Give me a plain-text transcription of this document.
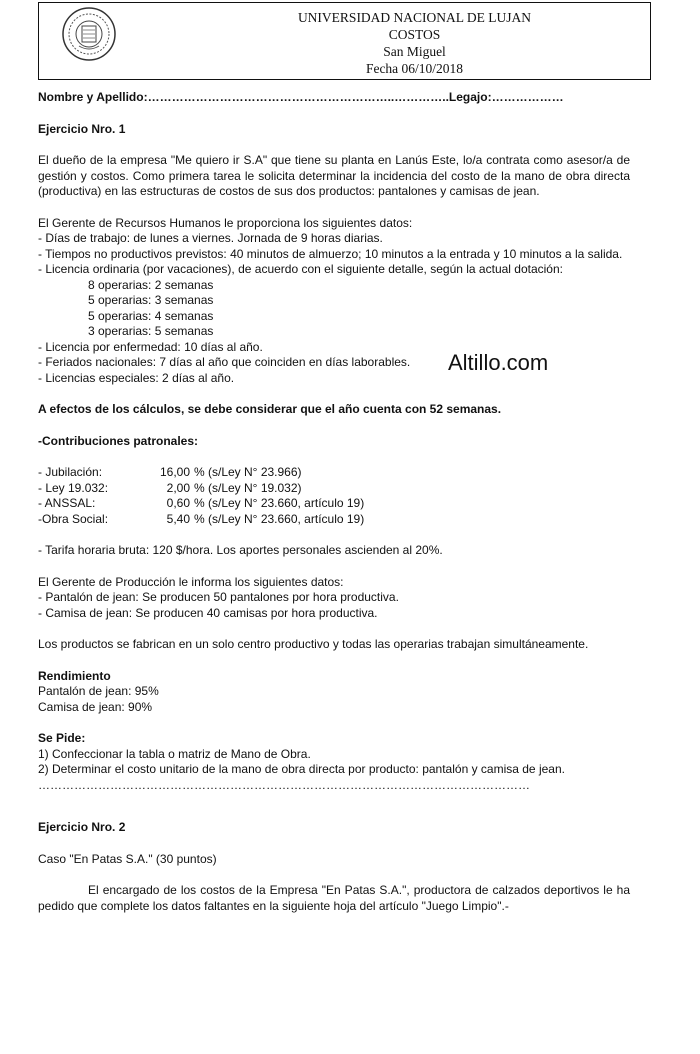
UNIVERSIDAD NACIONAL DE LUJAN
COSTOS
San Miguel
Fecha 06/10/2018
Altillo.com

Nombre y Apellido:……………………………………………………..…………..Legajo:………………

Ejercicio Nro. 1

El dueño de la empresa "Me quiero ir S.A" que tiene su planta en Lanús Este, lo/a contrata como asesor/a de gestión y costos. Como primera tarea le solicita determinar la incidencia del costo de la mano de obra directa (productiva) en las estructuras de costos de sus dos productos: pantalones y camisas de jean.

El Gerente de Recursos Humanos le proporciona los siguientes datos:

- Días de trabajo: de lunes a viernes. Jornada de 9 horas diarias.

- Tiempos no productivos previstos: 40 minutos de almuerzo; 10 minutos a la entrada y 10 minutos a la salida.

- Licencia ordinaria (por vacaciones), de acuerdo con el siguiente detalle, según la actual dotación:

8 operarias: 2 semanas

5 operarias: 3 semanas

5 operarias: 4 semanas

3 operarias: 5 semanas

- Licencia por enfermedad: 10 días al año.

- Feriados nacionales: 7 días al año que coinciden en días laborables.

- Licencias especiales: 2 días al año.

A efectos de los cálculos, se debe considerar que el año cuenta con 52 semanas.

-Contribuciones patronales:

- Jubilación:	16,00 % (s/Ley N° 23.966)
- Ley 19.032:	2,00 % (s/Ley N° 19.032)
- ANSSAL:	0,60 % (s/Ley N° 23.660, artículo 19)
-Obra Social:	5,40 % (s/Ley N° 23.660, artículo 19)

- Tarifa horaria bruta: 120 $/hora. Los aportes personales ascienden al 20%.

El Gerente de Producción le informa los siguientes datos:

- Pantalón de jean: Se producen 50 pantalones por hora productiva.

- Camisa de jean: Se producen 40 camisas por hora productiva.

Los productos se fabrican en un solo centro productivo y todas las operarias trabajan simultáneamente.

Rendimiento

Pantalón de jean: 95%

Camisa de jean: 90%

Se Pide:

1) Confeccionar la tabla o matriz de Mano de Obra.

2) Determinar el costo unitario de la mano de obra directa por producto: pantalón y camisa de jean.

……………………………………………………………………………………………………………

Ejercicio Nro. 2

Caso "En Patas S.A." (30 puntos)

El encargado de los costos de la Empresa "En Patas S.A.", productora de calzados deportivos le ha pedido que complete los datos faltantes en la siguiente hoja del artículo "Juego Limpio".-
